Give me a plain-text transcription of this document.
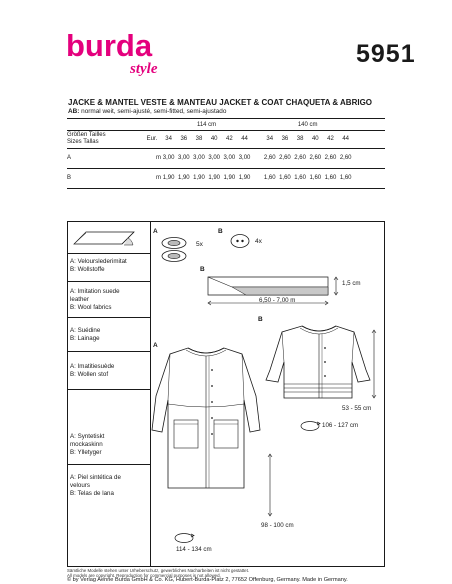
burda
style
5951
JACKE & MANTEL VESTE & MANTEAU JACKET & COAT CHAQUETA & ABRIGO
AB: normal weit, semi-ajusté, semi-fitted, semi-ajustado
		114 cm							140 cm					
Größen Tailles
Sizes Tallas	Eur.	34	36	38	40	42	44		34	36	38	40	42	44
A	m	3,00	3,00	3,00	3,00	3,00	3,00		2,60	2,60	2,60	2,60	2,60	2,60
B	m	1,90	1,90	1,90	1,90	1,90	1,90		1,60	1,60	1,60	1,60	1,60	1,60
A: Velourslederimitat
B: Wollstoffe
A: Imitation suede
leather
B: Wool fabrics
A: Suédine
B: Lainage
A: Imatitiesuède
B: Wollen stof
A: Syntetiskt
mockaskinn
B: Ylletyger
A: Piel sintética de
velours
B: Telas de lana
A
5x
B
4x
B
1,5 cm
6,50 - 7,00 m
B
53 - 55 cm
106 - 127 cm
A
98 - 100 cm
114 - 134 cm
Sämtliche Modelle stehen unter Urheberschutz, gewerbliches Nacharbeiten ist nicht gestattet.
All models are copyright. Reproduction for commercial purposes is not allowed.
© by Verlag Aenne Burda GmbH & Co. KG, Hubert-Burda-Platz 2, 77652 Offenburg, Germany. Made in Germany.
